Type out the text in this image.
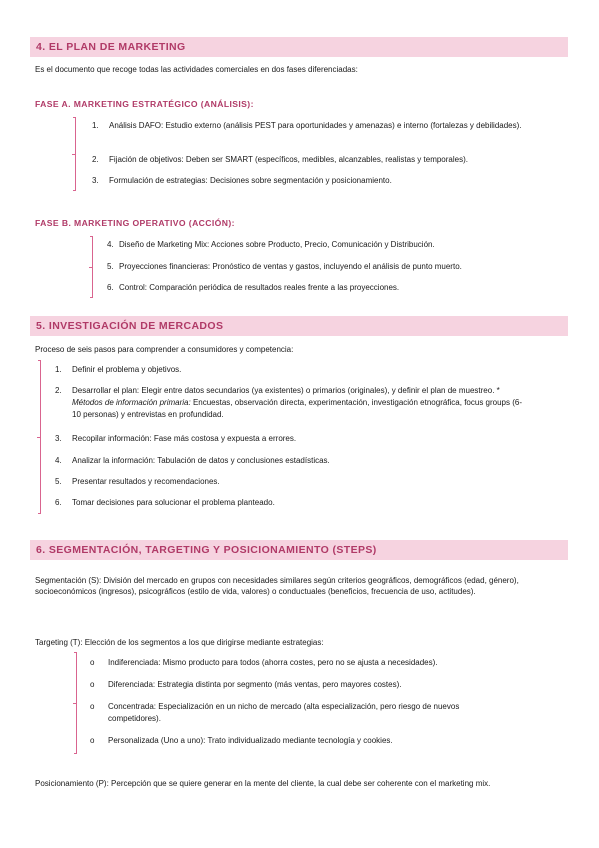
4. EL PLAN DE MARKETING
Es el documento que recoge todas las actividades comerciales en dos fases diferenciadas:
FASE A. MARKETING ESTRATÉGICO (ANÁLISIS):
1. Análisis DAFO: Estudio externo (análisis PEST para oportunidades y amenazas) e interno (fortalezas y debilidades).
2. Fijación de objetivos: Deben ser SMART (específicos, medibles, alcanzables, realistas y temporales).
3. Formulación de estrategias: Decisiones sobre segmentación y posicionamiento.
FASE B. MARKETING OPERATIVO (ACCIÓN):
4. Diseño de Marketing Mix: Acciones sobre Producto, Precio, Comunicación y Distribución.
5. Proyecciones financieras: Pronóstico de ventas y gastos, incluyendo el análisis de punto muerto.
6. Control: Comparación periódica de resultados reales frente a las proyecciones.
5. INVESTIGACIÓN DE MERCADOS
Proceso de seis pasos para comprender a consumidores y competencia:
1. Definir el problema y objetivos.
2. Desarrollar el plan: Elegir entre datos secundarios (ya existentes) o primarios (originales), y definir el plan de muestreo. * Métodos de información primaria: Encuestas, observación directa, experimentación, investigación etnográfica, focus groups (6-10 personas) y entrevistas en profundidad.
3. Recopilar información: Fase más costosa y expuesta a errores.
4. Analizar la información: Tabulación de datos y conclusiones estadísticas.
5. Presentar resultados y recomendaciones.
6. Tomar decisiones para solucionar el problema planteado.
6. SEGMENTACIÓN, TARGETING Y POSICIONAMIENTO (STEPS)
Segmentación (S): División del mercado en grupos con necesidades similares según criterios geográficos, demográficos (edad, género), socioeconómicos (ingresos), psicográficos (estilo de vida, valores) o conductuales (beneficios, frecuencia de uso, actitudes).
Targeting (T): Elección de los segmentos a los que dirigirse mediante estrategias:
o Indiferenciada: Mismo producto para todos (ahorra costes, pero no se ajusta a necesidades).
o Diferenciada: Estrategia distinta por segmento (más ventas, pero mayores costes).
o Concentrada: Especialización en un nicho de mercado (alta especialización, pero riesgo de nuevos competidores).
o Personalizada (Uno a uno): Trato individualizado mediante tecnología y cookies.
Posicionamiento (P): Percepción que se quiere generar en la mente del cliente, la cual debe ser coherente con el marketing mix.
